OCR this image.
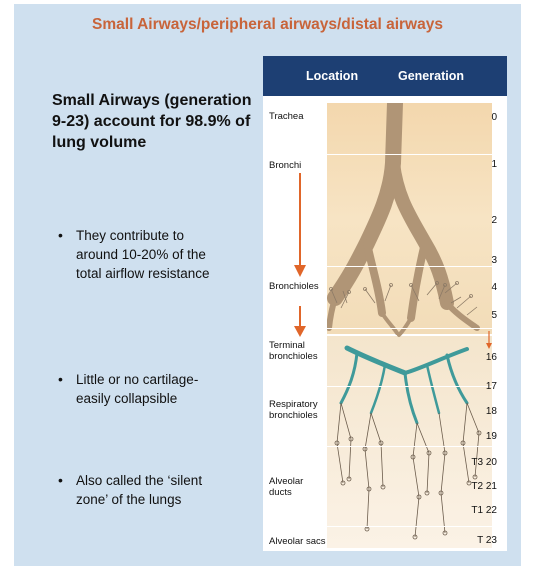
Small Airways/peripheral airways/distal airways
Small Airways (generation 9-23) account for 98.9% of lung volume
• They contribute to around 10-20% of the total airflow resistance
• Little or no cartilage-easily collapsible
• Also called the ‘silent zone’ of the lungs
Location	Generation
Trachea
Bronchi
Bronchioles
Terminal bronchioles
Respiratory bronchioles
Alveolar ducts
Alveolar sacs
0
1
2
3
4
5
16
17
18
19
T3 20
T2 21
T1 22
T 23
